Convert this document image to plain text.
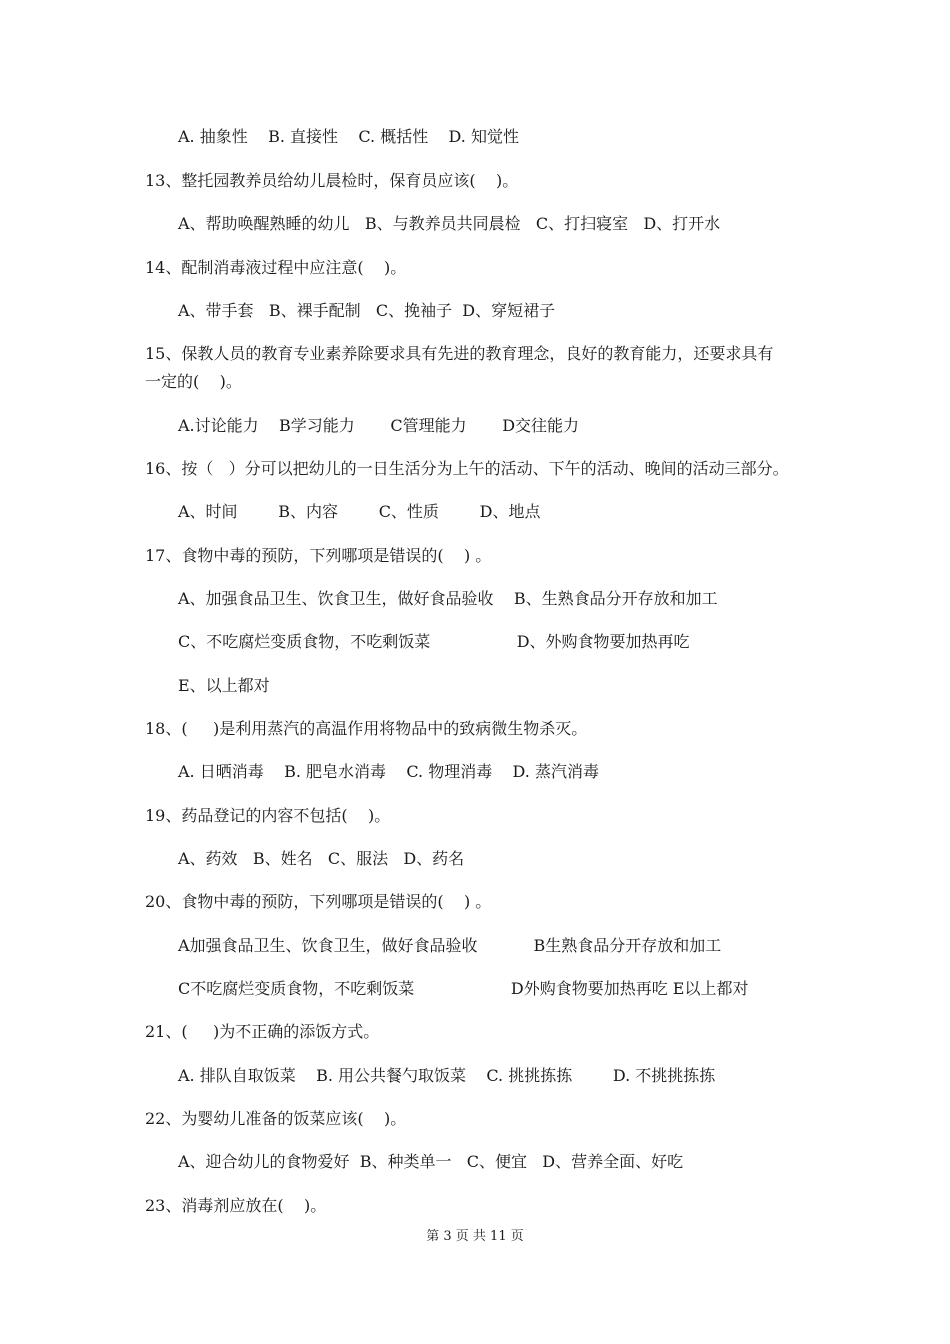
A. 抽象性    B. 直接性    C. 概括性    D. 知觉性
13、整托园教养员给幼儿晨检时，保育员应该(    )。
A、帮助唤醒熟睡的幼儿   B、与教养员共同晨检   C、打扫寝室   D、打开水
14、配制消毒液过程中应注意(    )。
A、带手套   B、裸手配制   C、挽袖子  D、穿短裙子
15、保教人员的教育专业素养除要求具有先进的教育理念，良好的教育能力，还要求具有
一定的(    )。
A.讨论能力    B学习能力       C管理能力       D交往能力
16、按（   ）分可以把幼儿的一日生活分为上午的活动、下午的活动、晚间的活动三部分。
A、时间        B、内容        C、性质        D、地点
17、食物中毒的预防，下列哪项是错误的(    ) 。
A、加强食品卫生、饮食卫生，做好食品验收    B、生熟食品分开存放和加工
C、不吃腐烂变质食物，不吃剩饭菜                 D、外购食物要加热再吃
E、以上都对
18、(     )是利用蒸汽的高温作用将物品中的致病微生物杀灭。
A. 日晒消毒    B. 肥皂水消毒    C. 物理消毒    D. 蒸汽消毒
19、药品登记的内容不包括(    )。
A、药效   B、姓名   C、服法   D、药名
20、食物中毒的预防，下列哪项是错误的(    ) 。
A加强食品卫生、饮食卫生，做好食品验收           B生熟食品分开存放和加工
C不吃腐烂变质食物，不吃剩饭菜                   D外购食物要加热再吃 E以上都对
21、(     )为不正确的添饭方式。
A. 排队自取饭菜    B. 用公共餐勺取饭菜    C. 挑挑拣拣        D. 不挑挑拣拣
22、为婴幼儿准备的饭菜应该(    )。
A、迎合幼儿的食物爱好  B、种类单一   C、便宜   D、营养全面、好吃
23、消毒剂应放在(    )。
第 3 页 共 11 页
